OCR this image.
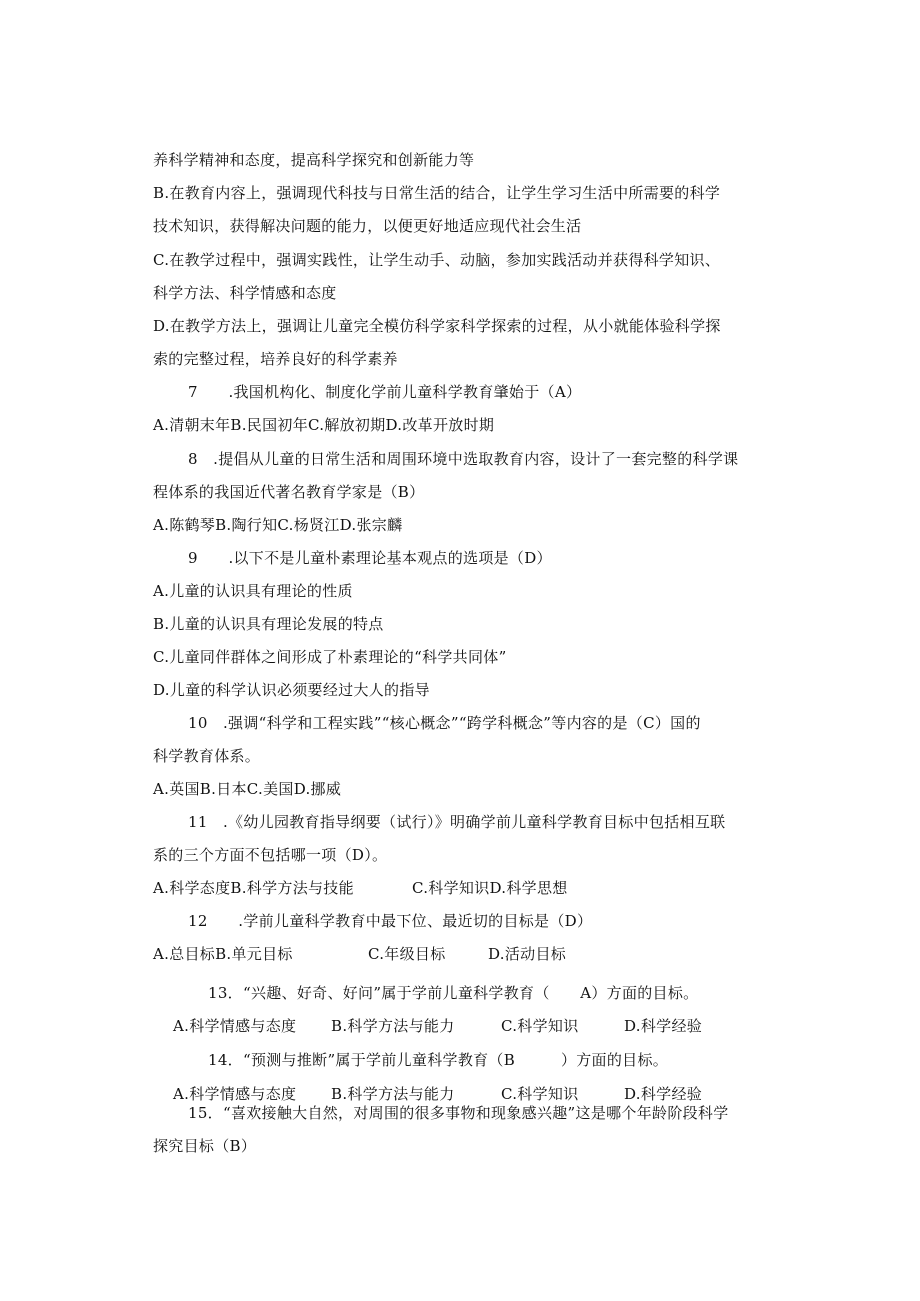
养科学精神和态度，提高科学探究和创新能力等
B.在教育内容上，强调现代科技与日常生活的结合，让学生学习生活中所需要的科学
技术知识，获得解决问题的能力，以便更好地适应现代社会生活
C.在教学过程中，强调实践性，让学生动手、动脑，参加实践活动并获得科学知识、
科学方法、科学情感和态度
D.在教学方法上，强调让儿童完全模仿科学家科学探索的过程，从小就能体验科学探
索的完整过程，培养良好的科学素养
7　　.我国机构化、制度化学前儿童科学教育肇始于（A）
A.清朝末年B.民国初年C.解放初期D.改革开放时期
8　.提倡从儿童的日常生活和周围环境中选取教育内容，设计了一套完整的科学课
程体系的我国近代著名教育学家是（B）
A.陈鹤琴B.陶行知C.杨贤江D.张宗麟
9　　.以下不是儿童朴素理论基本观点的选项是（D）
A.儿童的认识具有理论的性质
B.儿童的认识具有理论发展的特点
C.儿童同伴群体之间形成了朴素理论的“科学共同体”
D.儿童的科学认识必须要经过大人的指导
10　.强调“科学和工程实践”“核心概念”“跨学科概念”等内容的是（C）国的
科学教育体系。
A.英国B.日本C.美国D.挪威
11　.《幼儿园教育指导纲要（试行）》明确学前儿童科学教育目标中包括相互联
系的三个方面不包括哪一项（D）。
A.科学态度B.科学方法与技能	C.科学知识D.科学思想
12　　.学前儿童科学教育中最下位、最近切的目标是（D）
A.总目标B.单元目标	C.年级目标	D.活动目标
13．“兴趣、好奇、好问”属于学前儿童科学教育（　　A）方面的目标。
A.科学情感与态度 B.科学方法与能力	C.科学知识	D.科学经验
14．“预测与推断”属于学前儿童科学教育（B　　　）方面的目标。
A.科学情感与态度 B.科学方法与能力	C.科学知识	D.科学经验
15．“喜欢接触大自然，对周围的很多事物和现象感兴趣”这是哪个年龄阶段科学
探究目标（B）
